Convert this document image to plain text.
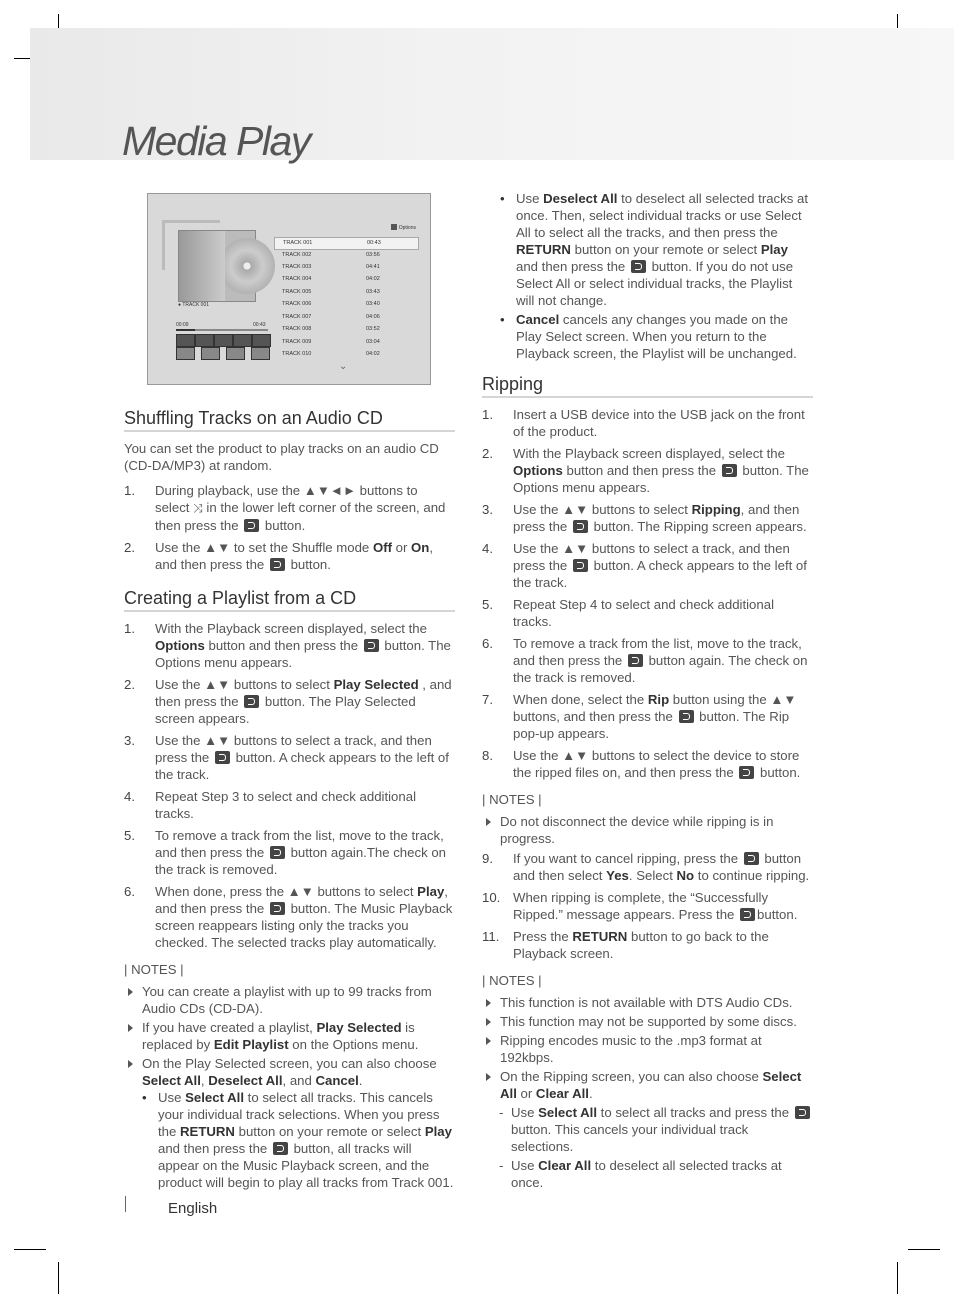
Media Play
Options
● TRACK 001
00:09	00:43
TRACK 001	00:43
TRACK 002	03:56
TRACK 003	04:41
TRACK 004	04:02
TRACK 005	03:43
TRACK 006	03:40
TRACK 007	04:06
TRACK 008	03:52
TRACK 009	03:04
TRACK 010	04:02
⌄
Shuffling Tracks on an Audio CD

You can set the product to play tracks on an audio CD (CD-DA/MP3) at random.

1. During playback, use the ▲▼◄► buttons to select ⤨ in the lower left corner of the screen, and then press the  button.
2. Use the ▲▼ to set the Shuffle mode Off or On, and then press the  button.
Creating a Playlist from a CD
1. With the Playback screen displayed, select the Options button and then press the  button. The Options menu appears.
2. Use the ▲▼ buttons to select Play Selected , and then press the  button. The Play Selected screen appears.
3. Use the ▲▼ buttons to select a track, and then press the  button. A check appears to the left of the track.
4. Repeat Step 3 to select and check additional tracks.
5. To remove a track from the list, move to the track, and then press the  button again.The check on the track is removed.
6. When done, press the ▲▼ buttons to select Play, and then press the  button. The Music Playback screen reappears listing only the tracks you checked. The selected tracks play automatically.
| NOTES |
You can create a playlist with up to 99 tracks from Audio CDs (CD-DA).
If you have created a playlist, Play Selected is replaced by Edit Playlist on the Options menu.
On the Play Selected screen, you can also choose Select All, Deselect All, and Cancel.
• Use Select All to select all tracks. This cancels your individual track selections. When you press the RETURN button on your remote or select Play and then press the  button, all tracks will appear on the Music Playback screen, and the product will begin to play all tracks from Track 001.
• Use Deselect All to deselect all selected tracks at once. Then, select individual tracks or use Select All to select all the tracks, and then press the RETURN button on your remote or select Play and then press the  button. If you do not use Select All or select individual tracks, the Playlist will not change.
• Cancel cancels any changes you made on the Play Select screen. When you return to the Playback screen, the Playlist will be unchanged.
Ripping
1. Insert a USB device into the USB jack on the front of the product.
2. With the Playback screen displayed, select the Options button and then press the  button. The Options menu appears.
3. Use the ▲▼ buttons to select Ripping, and then press the  button. The Ripping screen appears.
4. Use the ▲▼ buttons to select a track, and then press the  button. A check appears to the left of the track.
5. Repeat Step 4 to select and check additional tracks.
6. To remove a track from the list, move to the track, and then press the  button again. The check on the track is removed.
7. When done, select the Rip button using the ▲▼ buttons, and then press the  button. The Rip pop-up appears.
8. Use the ▲▼ buttons to select the device to store the ripped files on, and then press the  button.
| NOTES |
Do not disconnect the device while ripping is in progress.
9. If you want to cancel ripping, press the  button and then select Yes. Select No to continue ripping.
10. When ripping is complete, the “Successfully Ripped.” message appears. Press the button.
11. Press the RETURN button to go back to the Playback screen.
| NOTES |
This function is not available with DTS Audio CDs.
This function may not be supported by some discs.
Ripping encodes music to the .mp3 format at 192kbps.
On the Ripping screen, you can also choose Select All or Clear All.
- Use Select All to select all tracks and press the  button. This cancels your individual track selections.
- Use Clear All to deselect all selected tracks at once.
English
